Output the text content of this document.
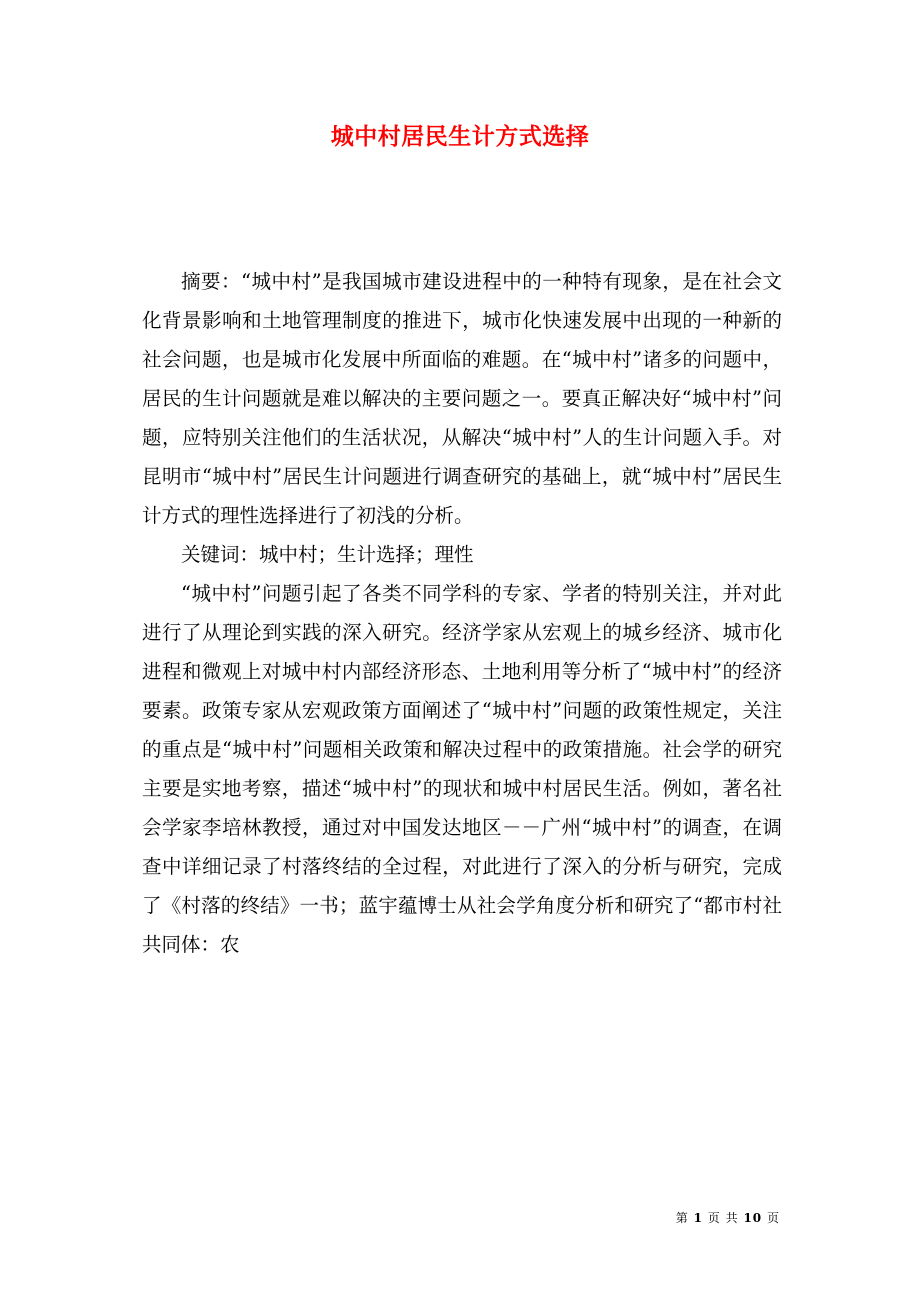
城中村居民生计方式选择

摘要：“城中村”是我国城市建设进程中的一种特有现象，是在社会文化背景影响和土地管理制度的推进下，城市化快速发展中出现的一种新的社会问题，也是城市化发展中所面临的难题。在“城中村”诸多的问题中，居民的生计问题就是难以解决的主要问题之一。要真正解决好“城中村”问题，应特别关注他们的生活状况，从解决“城中村”人的生计问题入手。对昆明市“城中村”居民生计问题进行调查研究的基础上，就“城中村”居民生计方式的理性选择进行了初浅的分析。

关键词：城中村；生计选择；理性

“城中村”问题引起了各类不同学科的专家、学者的特别关注，并对此进行了从理论到实践的深入研究。经济学家从宏观上的城乡经济、城市化进程和微观上对城中村内部经济形态、土地利用等分析了“城中村”的经济要素。政策专家从宏观政策方面阐述了“城中村”问题的政策性规定，关注的重点是“城中村”问题相关政策和解决过程中的政策措施。社会学的研究主要是实地考察，描述“城中村”的现状和城中村居民生活。例如，著名社会学家李培林教授，通过对中国发达地区－－广州“城中村”的调查，在调查中详细记录了村落终结的全过程，对此进行了深入的分析与研究，完成了《村落的终结》一书；蓝宇蕴博士从社会学角度分析和研究了“都市村社共同体：农

第 1 页 共 10 页
